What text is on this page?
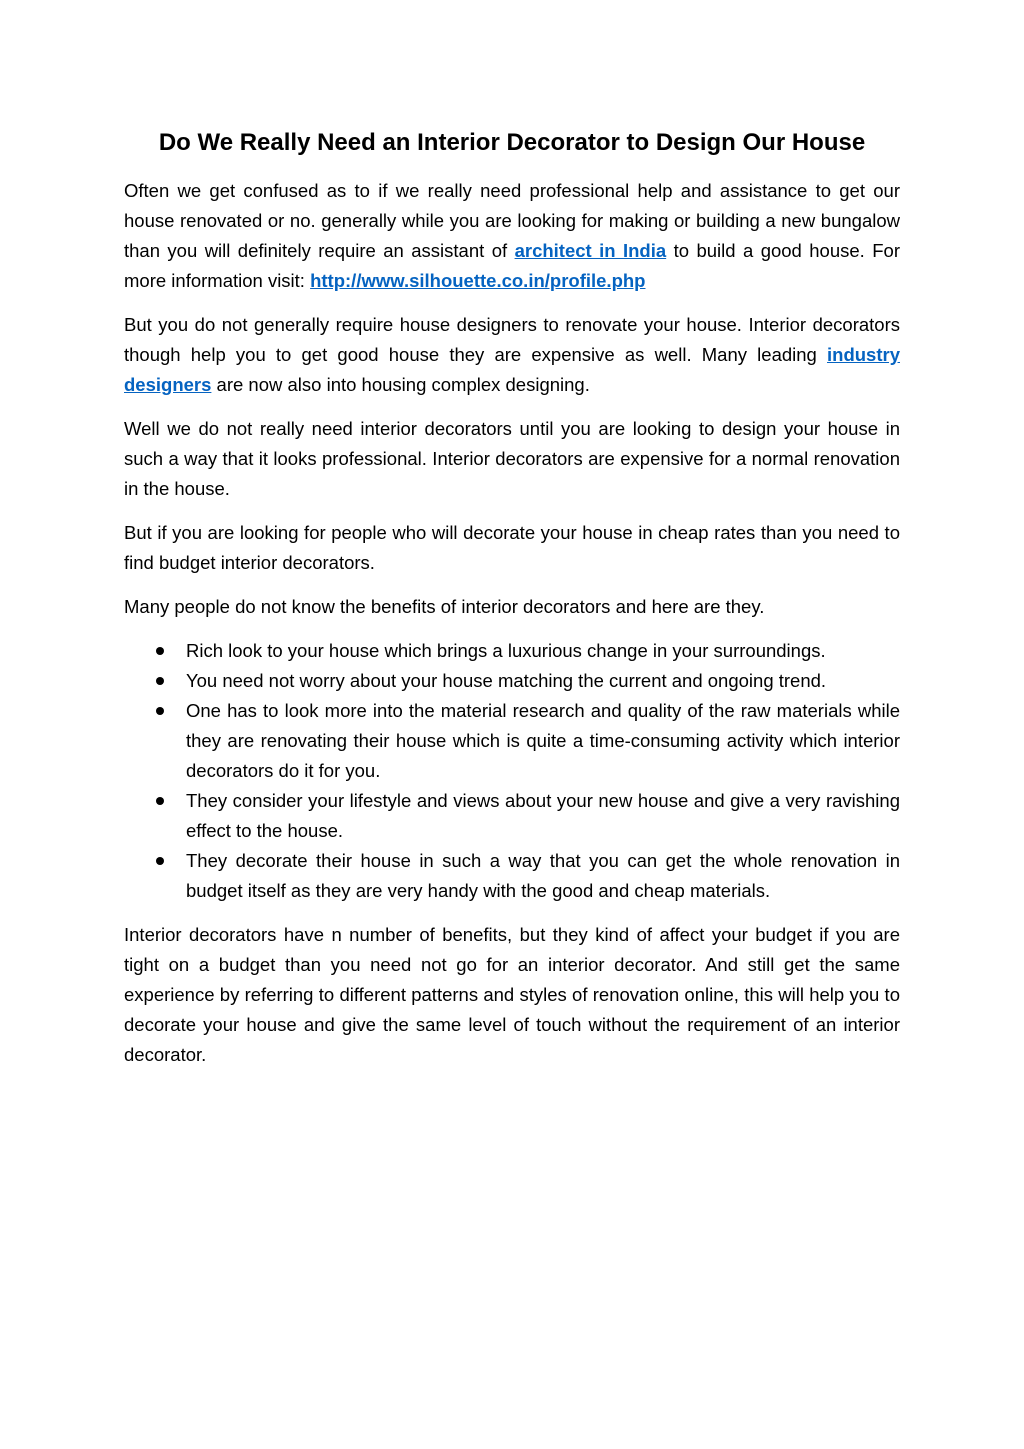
Do We Really Need an Interior Decorator to Design Our House

Often we get confused as to if we really need professional help and assistance to get our house renovated or no. generally while you are looking for making or building a new bungalow than you will definitely require an assistant of architect in India to build a good house. For more information visit: http://www.silhouette.co.in/profile.php

But you do not generally require house designers to renovate your house. Interior decorators though help you to get good house they are expensive as well. Many leading industry designers are now also into housing complex designing.

Well we do not really need interior decorators until you are looking to design your house in such a way that it looks professional. Interior decorators are expensive for a normal renovation in the house.

But if you are looking for people who will decorate your house in cheap rates than you need to find budget interior decorators.

Many people do not know the benefits of interior decorators and here are they.

Rich look to your house which brings a luxurious change in your surroundings.
You need not worry about your house matching the current and ongoing trend.
One has to look more into the material research and quality of the raw materials while they are renovating their house which is quite a time-consuming activity which interior decorators do it for you.
They consider your lifestyle and views about your new house and give a very ravishing effect to the house.
They decorate their house in such a way that you can get the whole renovation in budget itself as they are very handy with the good and cheap materials.

Interior decorators have n number of benefits, but they kind of affect your budget if you are tight on a budget than you need not go for an interior decorator. And still get the same experience by referring to different patterns and styles of renovation online, this will help you to decorate your house and give the same level of touch without the requirement of an interior decorator.
